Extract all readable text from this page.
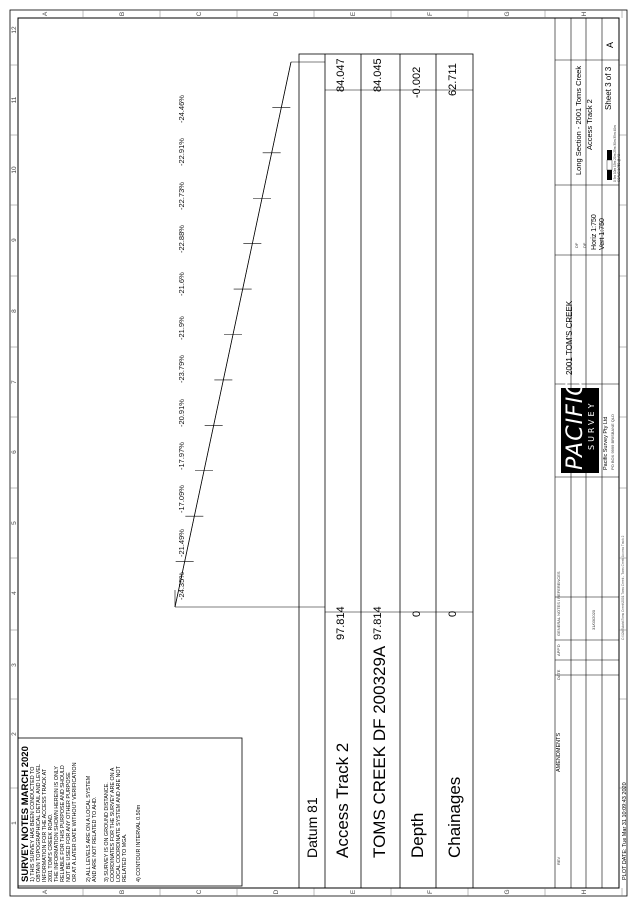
1
2
3
4
5
6
7
8
9
10
11
12
A
A
B
B
C
C
D
D
E
E
F
F
G
G
H
H
SURVEY NOTES MARCH 2020 1) THIS SURVEY HAS BEEN CONDUCTED TO OBTAIN TOPOGRAPHICAL DETAIL AND LEVEL INFORMATION FOR THE ACCESS TRACK AT 2001 TOM'S CREEK ROAD. THE INFORMATION SHOWN HEREIN IS ONLY RELIABLE FOR THIS PURPOSE AND SHOULD NOT BE USED FOR ANY OTHER PURPOSE OR AT A LATER DATE WITHOUT VERIFICATION 2) ALL LEVELS ARE ON A LOCAL SYSTEM AND ARE NOT RELATED TO AHD. 3) SURVEY IS ON GROUND DISTANCE. COORDINATES FOR THE SURVEY ARE ON A LOCAL COORDINATE SYSTEM AND ARE NOT RELATED TO MGA. 4) CONTOUR INTERVAL 0.50m	Datum 81 Access Track 2 TOMS CREEK DF 200329A Depth Chainages
97.814 97.814 0 0
84.047 84.045 -0.002 62.711
-24.35%
-21.49%
-17.09%
-17.97%
-20.91%
-23.79%
-21.9%
-21.6%
-22.88%
-22.73%
-22.91%
-24.46%
AMENDMENTS
REV
DATE
APP'D
GENERAL NOTES / REFERENCES	31/03/2020
PACIFIC SURVEY Pacific Survey Pty Ltd PO BOX 9999 BRISBANE QLD
2001 TOM'S CREEK
DF DF Horiz 1:750 Vert 1:750
Long Section - 2001 Toms Creek Access Track 2
Sheet 3 of 3
0 5m 10m 15m 20m 25m 30m 35m 40m SCALE 1:750 @ A3
A
PLOT DATE: Tue Mar 31 10:09:43 2020
C:\12dS\data\Toms Creek\2001 Toms Creek - Toms Creek Access Track 2
